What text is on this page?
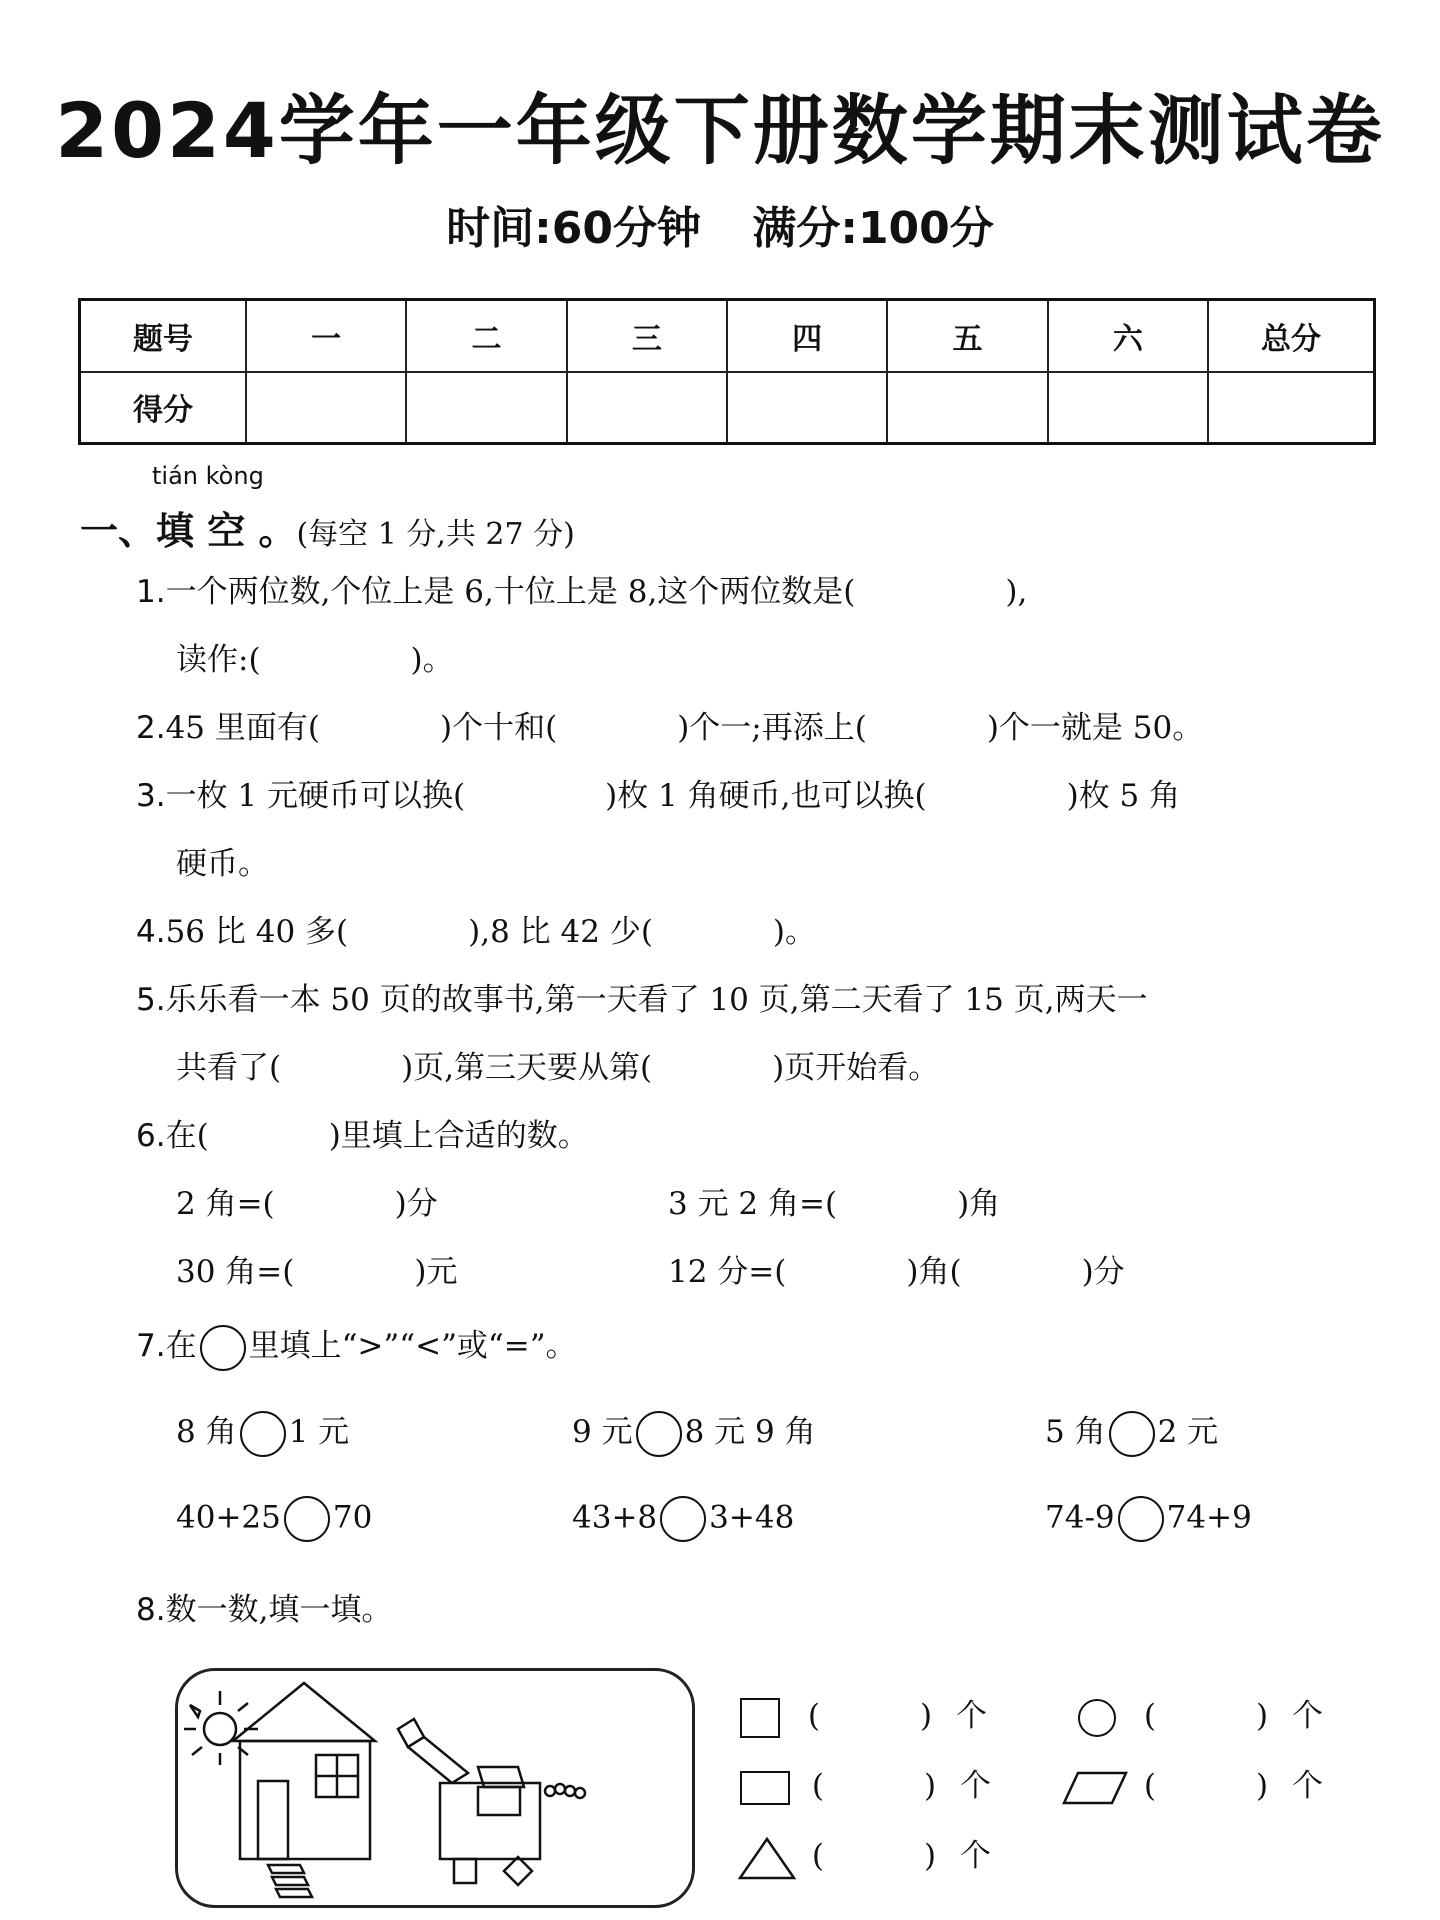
2024学年一年级下册数学期末测试卷
时间:60分钟 满分:100分
题号	一	二	三	四	五	六	总分
得分							
tián kòng
一、填 空 。(每空 1 分,共 27 分)
1.一个两位数,个位上是 6,十位上是 8,这个两位数是(	),
读作:(	)。
2.45 里面有(	)个十和(	)个一;再添上(	)个一就是 50。
3.一枚 1 元硬币可以换(	)枚 1 角硬币,也可以换(	)枚 5 角
硬币。
4.56 比 40 多(	),8 比 42 少(	)。
5.乐乐看一本 50 页的故事书,第一天看了 10 页,第二天看了 15 页,两天一
共看了(	)页,第三天要从第(	)页开始看。
6.在(	)里填上合适的数。
2 角=(	)分	3 元 2 角=(	)角
30 角=(	)元	12 分=(	)角(	)分
7.在 里填上“>”“<”或“=”。
8 角 1 元	9 元 8 元 9 角	5 角 2 元
40+25 70	43+8 3+48	74-9 74+9
8.数一数,填一填。
(	) 个	(	) 个
(	) 个	(	) 个
(	) 个
